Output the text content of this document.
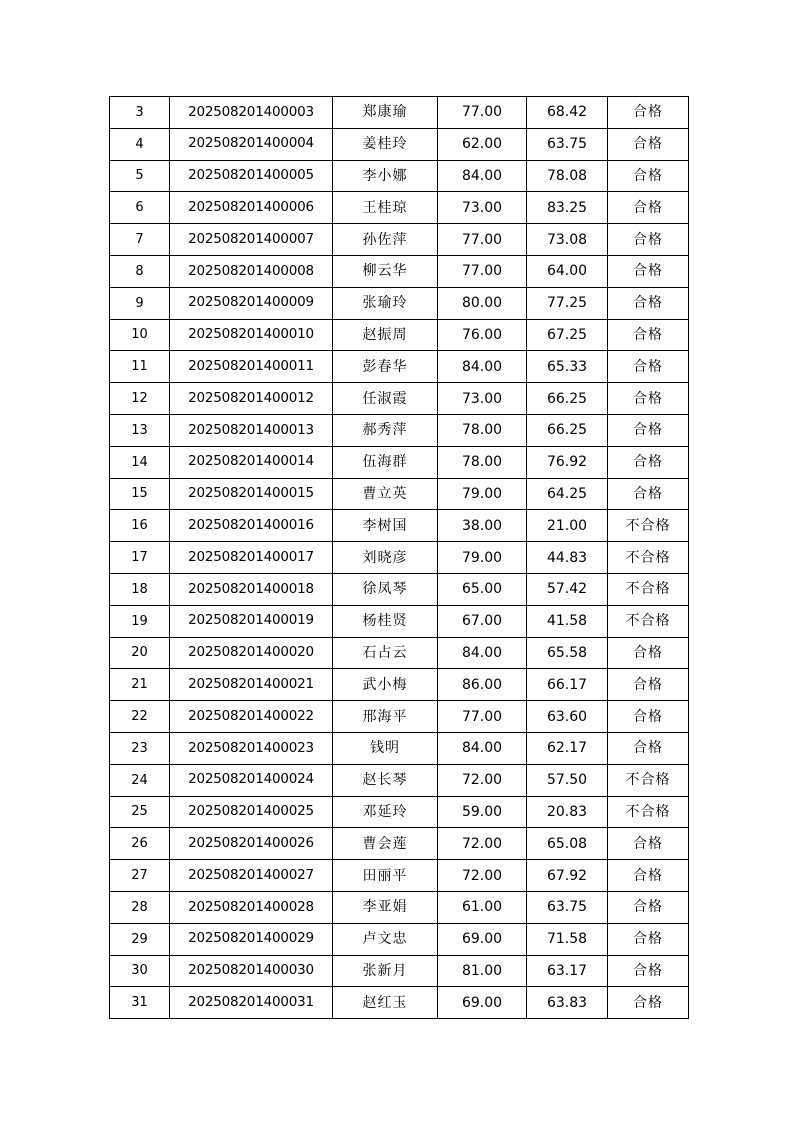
3	202508201400003	郑康瑜	77.00	68.42	合格
4	202508201400004	姜桂玲	62.00	63.75	合格
5	202508201400005	李小娜	84.00	78.08	合格
6	202508201400006	王桂琼	73.00	83.25	合格
7	202508201400007	孙佐萍	77.00	73.08	合格
8	202508201400008	柳云华	77.00	64.00	合格
9	202508201400009	张瑜玲	80.00	77.25	合格
10	202508201400010	赵振周	76.00	67.25	合格
11	202508201400011	彭春华	84.00	65.33	合格
12	202508201400012	任淑霞	73.00	66.25	合格
13	202508201400013	郝秀萍	78.00	66.25	合格
14	202508201400014	伍海群	78.00	76.92	合格
15	202508201400015	曹立英	79.00	64.25	合格
16	202508201400016	李树国	38.00	21.00	不合格
17	202508201400017	刘晓彦	79.00	44.83	不合格
18	202508201400018	徐凤琴	65.00	57.42	不合格
19	202508201400019	杨桂贤	67.00	41.58	不合格
20	202508201400020	石占云	84.00	65.58	合格
21	202508201400021	武小梅	86.00	66.17	合格
22	202508201400022	邢海平	77.00	63.60	合格
23	202508201400023	钱明	84.00	62.17	合格
24	202508201400024	赵长琴	72.00	57.50	不合格
25	202508201400025	邓延玲	59.00	20.83	不合格
26	202508201400026	曹会莲	72.00	65.08	合格
27	202508201400027	田丽平	72.00	67.92	合格
28	202508201400028	李亚娟	61.00	63.75	合格
29	202508201400029	卢文忠	69.00	71.58	合格
30	202508201400030	张新月	81.00	63.17	合格
31	202508201400031	赵红玉	69.00	63.83	合格
